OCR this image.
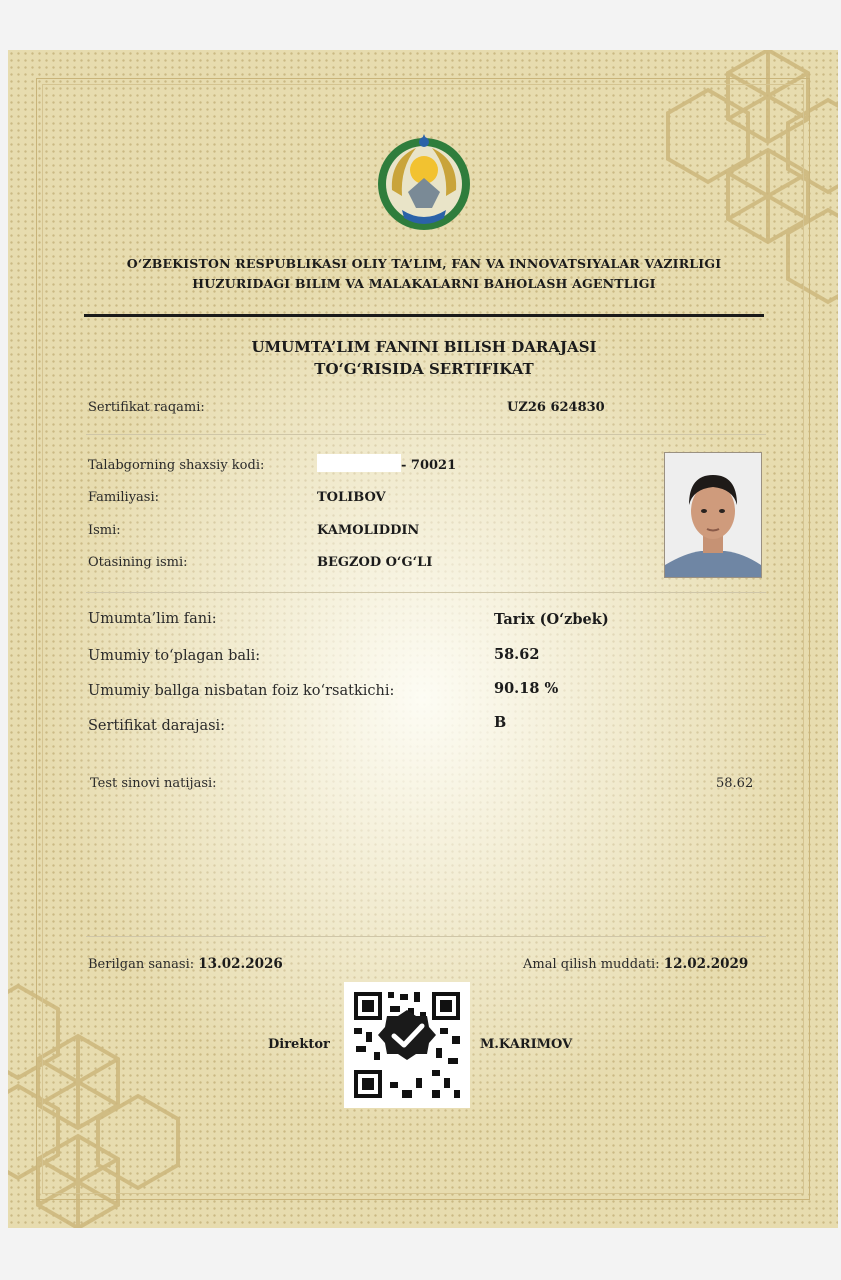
O‘ZBEKISTON RESPUBLIKASI OLIY TA’LIM, FAN VA INNOVATSIYALAR VAZIRLIGI
HUZURIDAGI BILIM VA MALAKALARNI BAHOLASH AGENTLIGI
UMUMTA’LIM FANINI BILISH DARAJASI
TO‘G‘RISIDA SERTIFIKAT
Sertifikat raqami:	UZ26 624830
Talabgorning shaxsiy kodi:	- 70021
Familiyasi:	TOLIBOV
Ismi:	KAMOLIDDIN
Otasining ismi:	BEGZOD O‘G‘LI
Umumta’lim fani:	Tarix (O‘zbek)
Umumiy to‘plagan bali:	58.62
Umumiy ballga nisbatan foiz ko‘rsatkichi:	90.18 %
Sertifikat darajasi:	B
Test sinovi natijasi:	58.62
Berilgan sanasi: 13.02.2026	Amal qilish muddati: 12.02.2029
Direktor	M.KARIMOV
